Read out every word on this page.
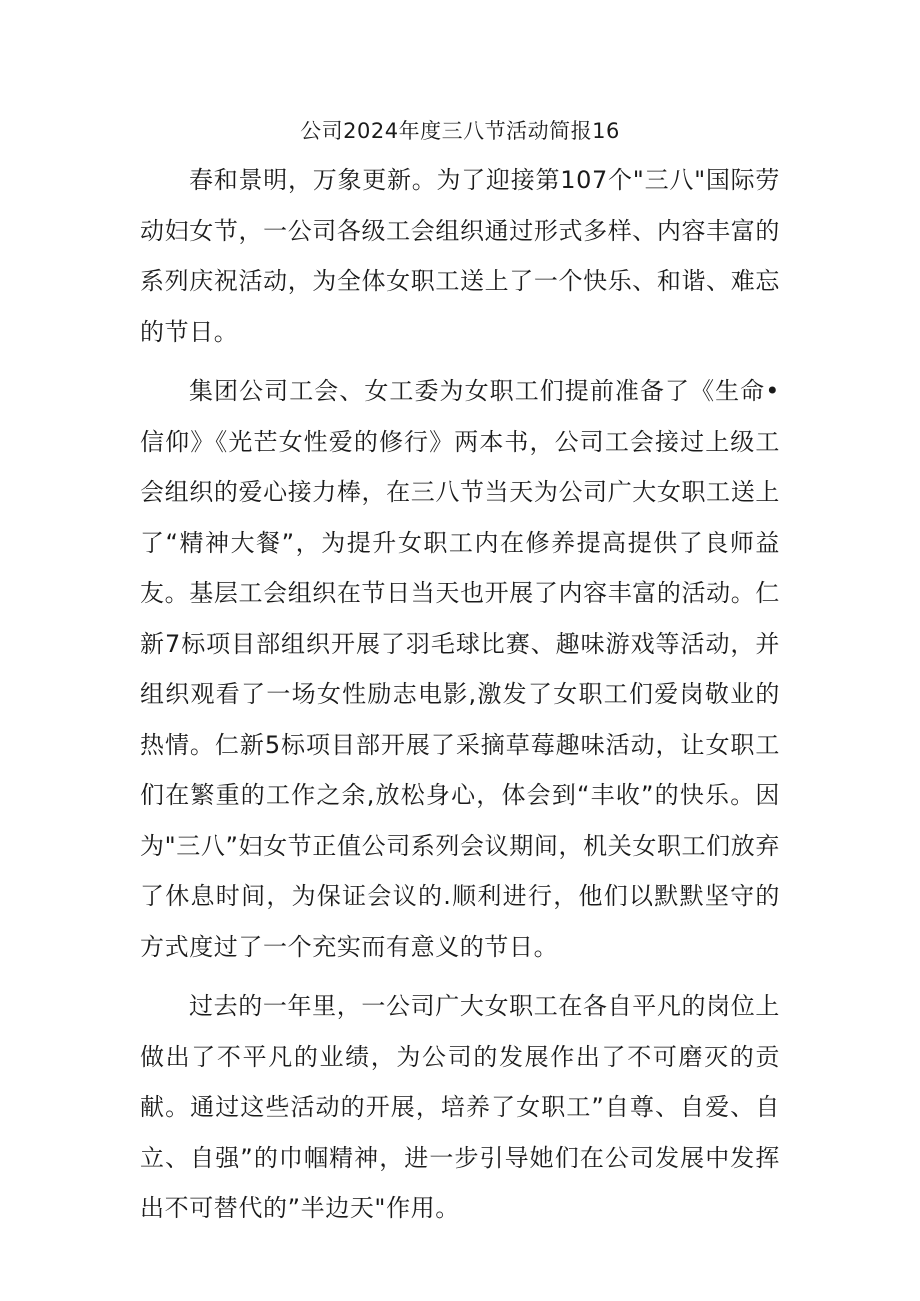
公司2024年度三八节活动简报16

春和景明，万象更新。为了迎接第107个"三八"国际劳动妇女节，一公司各级工会组织通过形式多样、内容丰富的系列庆祝活动，为全体女职工送上了一个快乐、和谐、难忘的节日。

集团公司工会、女工委为女职工们提前准备了《生命•信仰》《光芒女性爱的修行》两本书，公司工会接过上级工会组织的爱心接力棒，在三八节当天为公司广大女职工送上了“精神大餐”，为提升女职工内在修养提高提供了良师益友。基层工会组织在节日当天也开展了内容丰富的活动。仁新7标项目部组织开展了羽毛球比赛、趣味游戏等活动，并组织观看了一场女性励志电影,激发了女职工们爱岗敬业的热情。仁新5标项目部开展了采摘草莓趣味活动，让女职工们在繁重的工作之余,放松身心，体会到“丰收”的快乐。因为"三八”妇女节正值公司系列会议期间，机关女职工们放弃了休息时间，为保证会议的.顺利进行，他们以默默坚守的方式度过了一个充实而有意义的节日。

过去的一年里，一公司广大女职工在各自平凡的岗位上做出了不平凡的业绩，为公司的发展作出了不可磨灭的贡献。通过这些活动的开展，培养了女职工”自尊、自爱、自立、自强”的巾帼精神，进一步引导她们在公司发展中发挥出不可替代的”半边天"作用。
